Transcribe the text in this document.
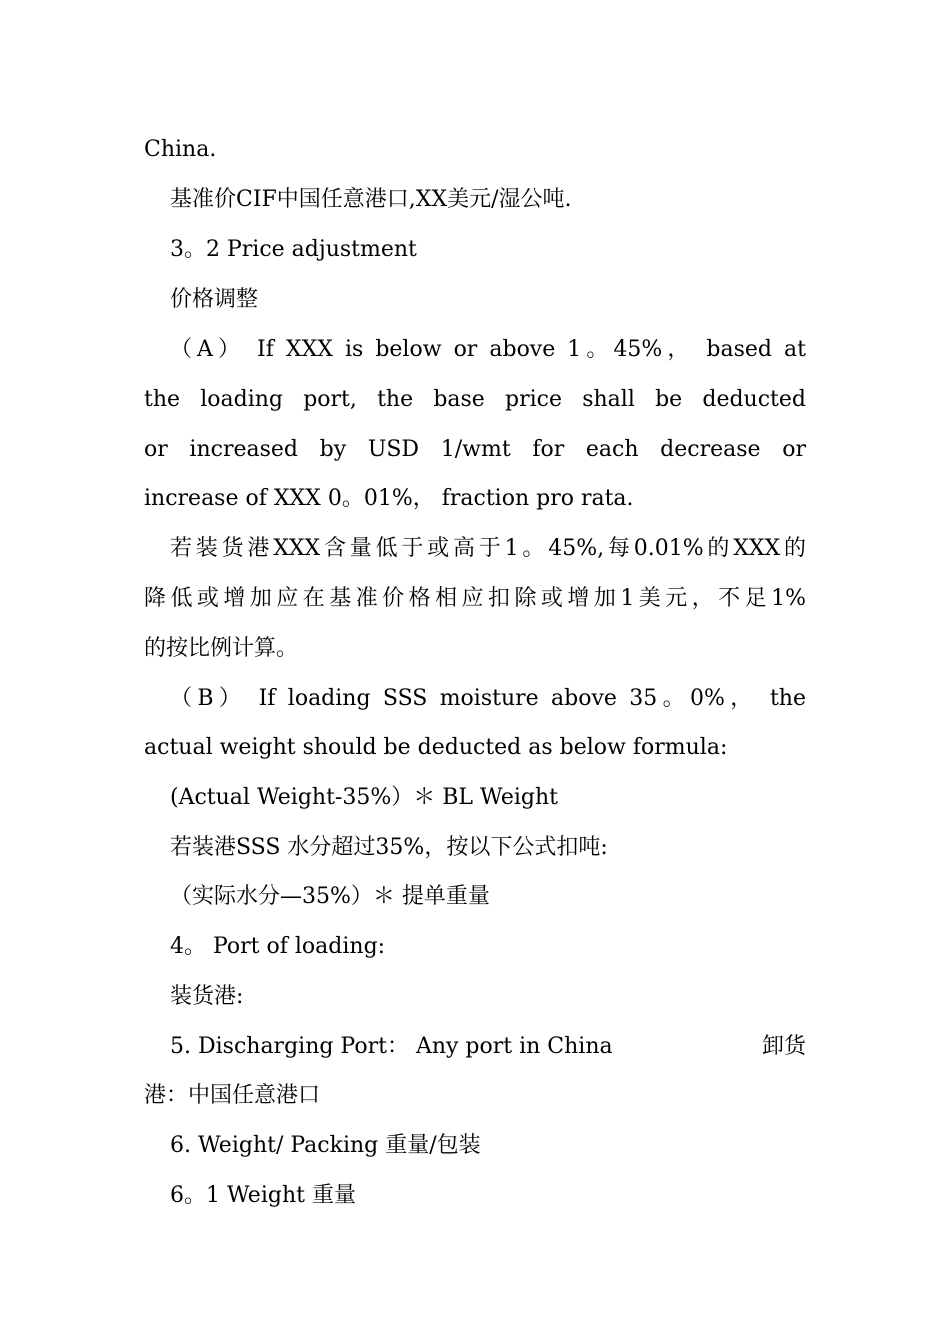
China.
基准价CIF中国任意港口,XX美元/湿公吨.
3。2 Price adjustment
价格调整
（A） If XXX is below or above 1。45%， based at
the loading port, the base price shall be deducted
or increased by USD 1/wmt for each decrease or
increase of XXX 0。01%， fraction pro rata.
若装货港XXX含量低于或高于1。45%,每0.01%的XXX的
降低或增加应在基准价格相应扣除或增加1美元，不足1%
的按比例计算。
（B） If loading SSS moisture above 35。0%， the
actual weight should be deducted as below formula:
(Actual Weight-35%）＊ BL Weight
若装港SSS 水分超过35%，按以下公式扣吨:
（实际水分—35%）＊ 提单重量
4。 Port of loading:
装货港:
5. Discharging Port： Any port in China	卸货
港：中国任意港口
6. Weight/ Packing 重量/包装
6。1 Weight 重量
